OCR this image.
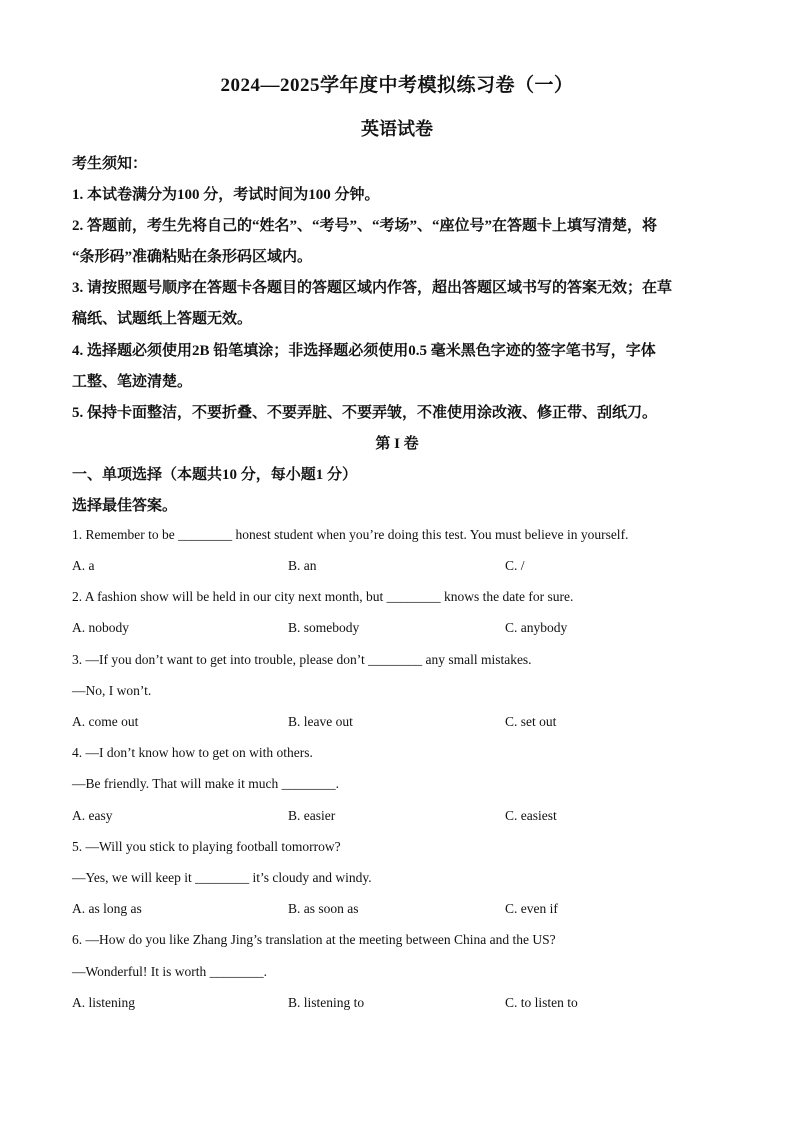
2024—2025学年度中考模拟练习卷（一）
英语试卷
考生须知：
1. 本试卷满分为100 分，考试时间为100 分钟。
2. 答题前，考生先将自己的“姓名”、“考号”、“考场”、“座位号”在答题卡上填写清楚，将
“条形码”准确粘贴在条形码区域内。
3. 请按照题号顺序在答题卡各题目的答题区域内作答，超出答题区域书写的答案无效；在草
稿纸、试题纸上答题无效。
4. 选择题必须使用2B 铅笔填涂；非选择题必须使用0.5 毫米黑色字迹的签字笔书写，字体
工整、笔迹清楚。
5. 保持卡面整洁，不要折叠、不要弄脏、不要弄皱，不准使用涂改液、修正带、刮纸刀。
第 I 卷
一、单项选择（本题共10 分，每小题1 分）
选择最佳答案。
1. Remember to be ________ honest student when you’re doing this test. You must believe in yourself.
A. a	B. an	C. /
2. A fashion show will be held in our city next month, but ________ knows the date for sure.
A. nobody	B. somebody	C. anybody
3. —If you don’t want to get into trouble, please don’t ________ any small mistakes.
—No, I won’t.
A. come out	B. leave out	C. set out
4. —I don’t know how to get on with others.
—Be friendly. That will make it much ________.
A. easy	B. easier	C. easiest
5. —Will you stick to playing football tomorrow?
—Yes, we will keep it ________ it’s cloudy and windy.
A. as long as	B. as soon as	C. even if
6. —How do you like Zhang Jing’s translation at the meeting between China and the US?
—Wonderful! It is worth ________.
A. listening	B. listening to	C. to listen to
